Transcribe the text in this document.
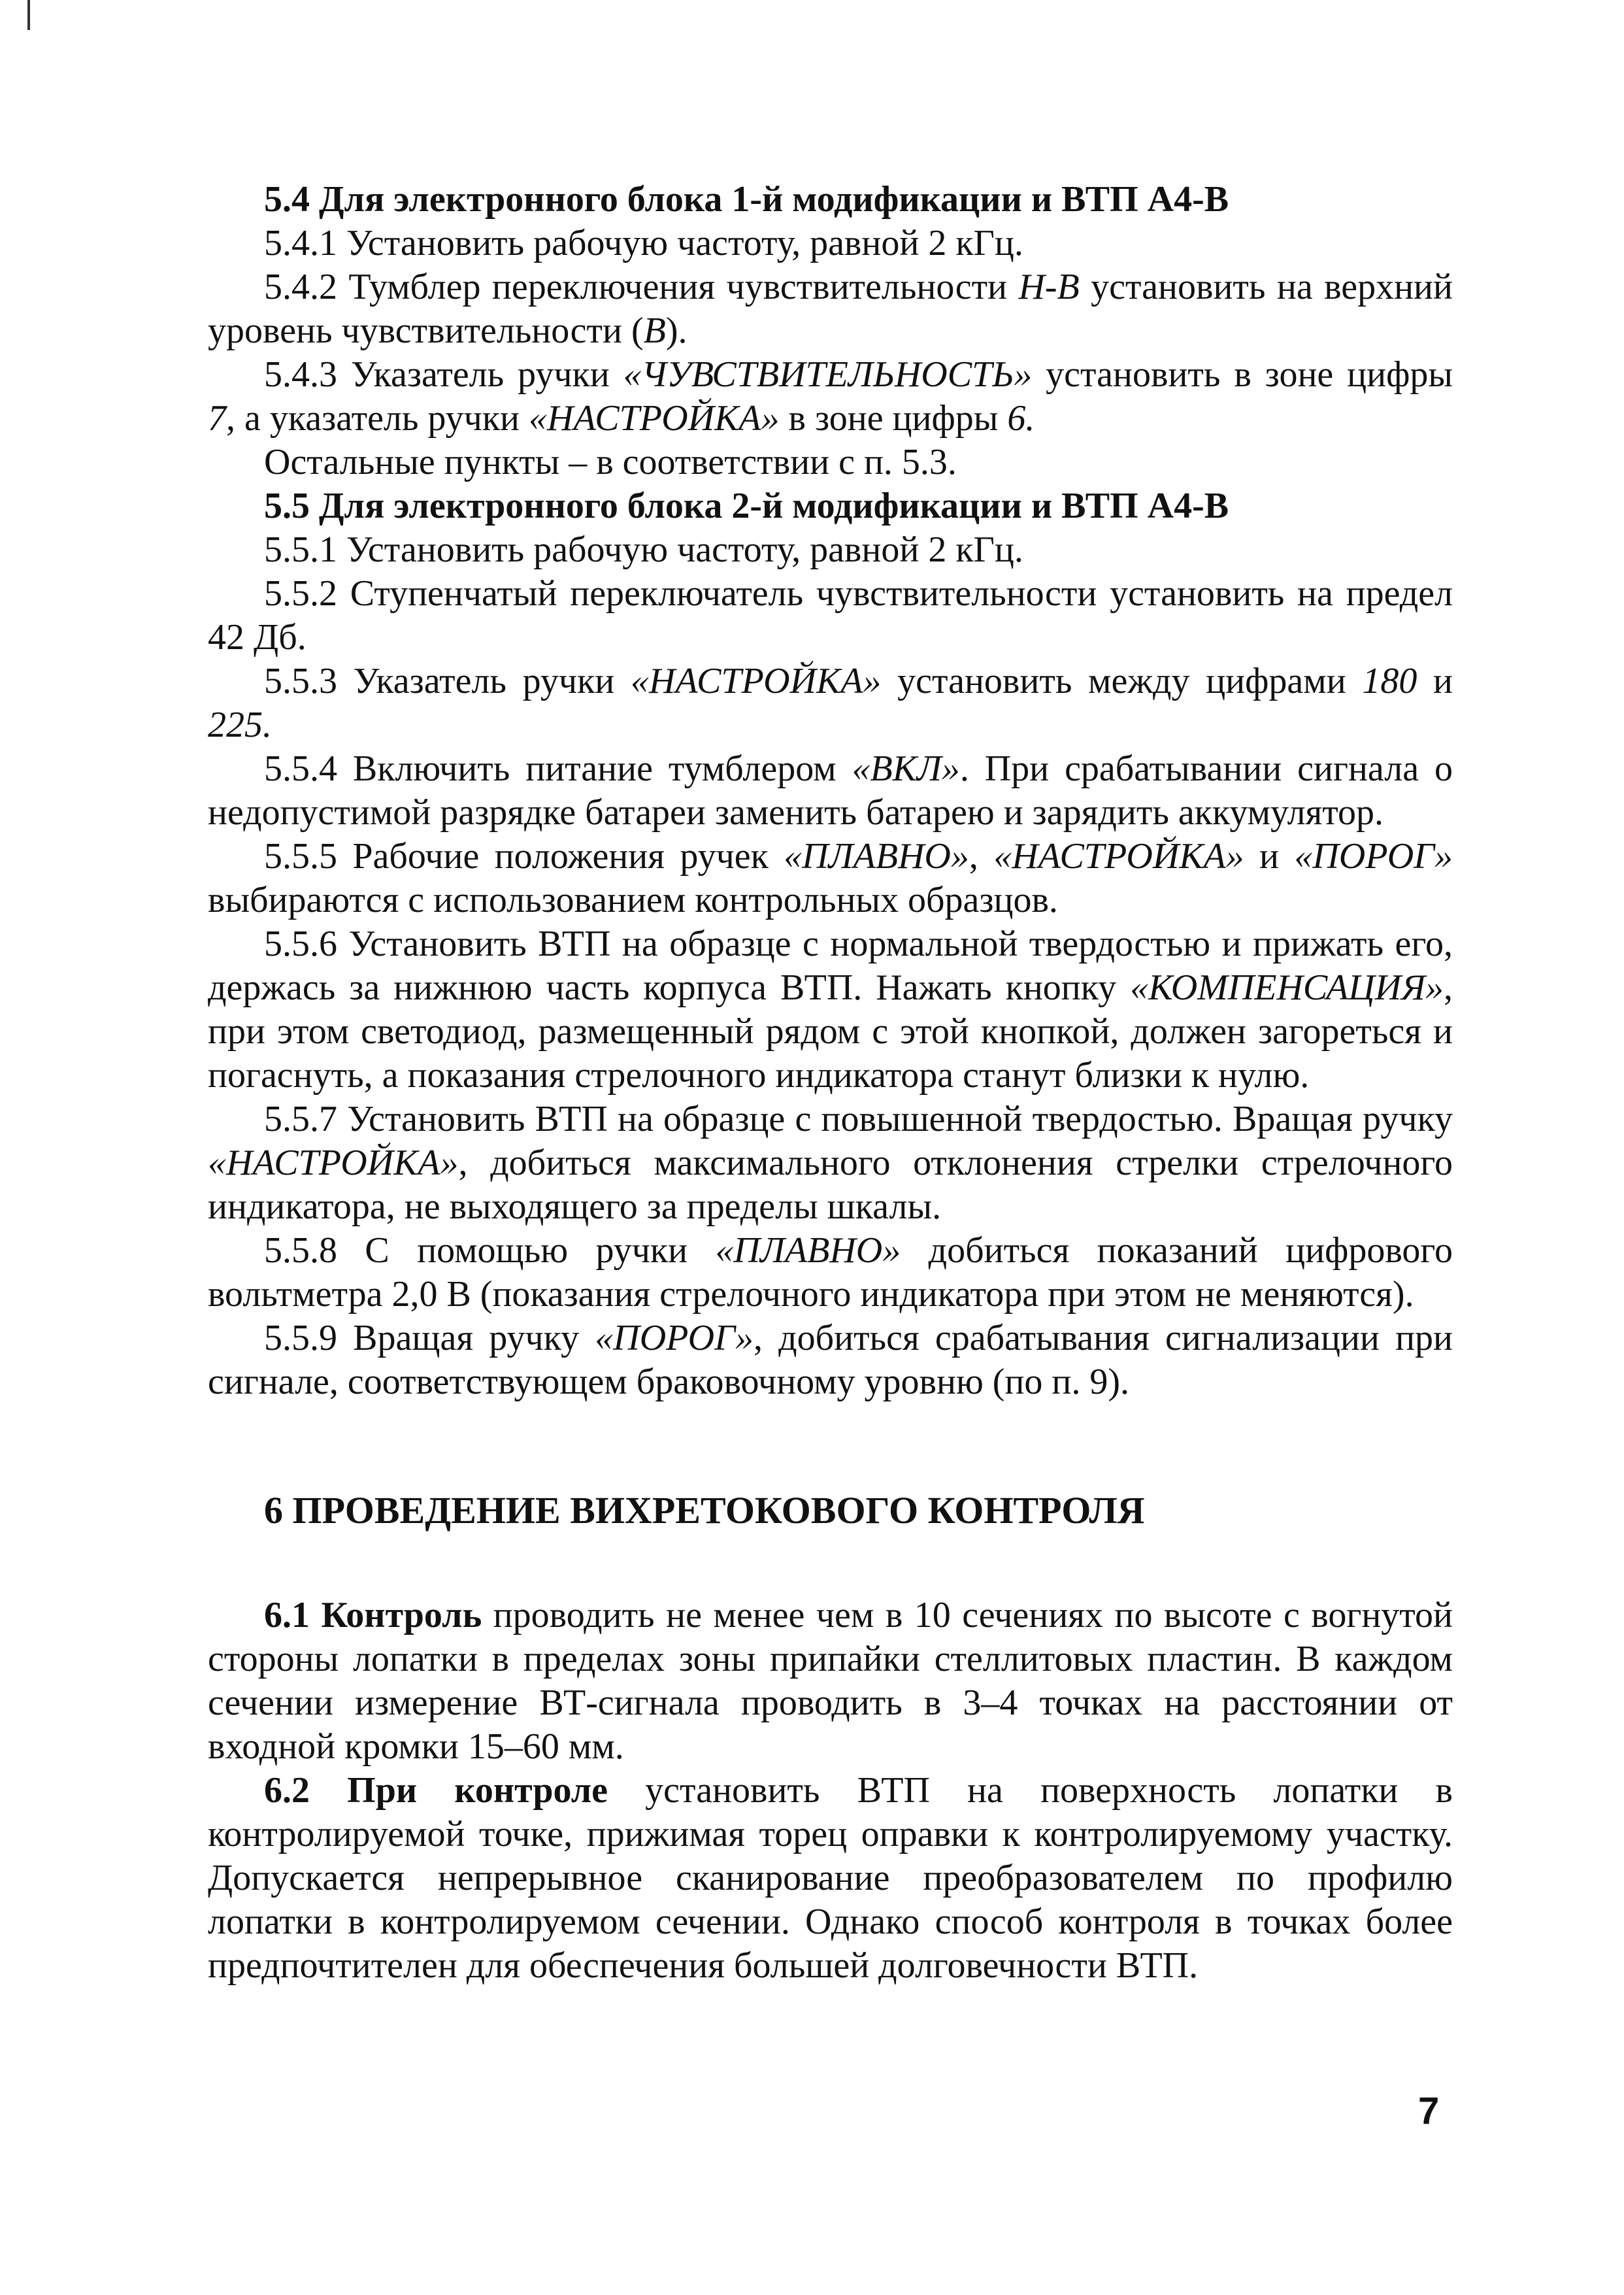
5.4 Для электронного блока 1-й модификации и ВТП А4-В

5.4.1 Установить рабочую частоту, равной 2 кГц.

5.4.2 Тумблер переключения чувствительности Н-В установить на верхний уровень чувствительности (В).

5.4.3 Указатель ручки «ЧУВСТВИТЕЛЬНОСТЬ» установить в зоне цифры 7, а указатель ручки «НАСТРОЙКА» в зоне цифры 6.

Остальные пункты – в соответствии с п. 5.3.

5.5 Для электронного блока 2-й модификации и ВТП А4-В

5.5.1 Установить рабочую частоту, равной 2 кГц.

5.5.2 Ступенчатый переключатель чувствительности установить на предел 42 Дб.

5.5.3 Указатель ручки «НАСТРОЙКА» установить между цифрами 180 и 225.

5.5.4 Включить питание тумблером «ВКЛ». При срабатывании сигнала о недопустимой разрядке батареи заменить батарею и зарядить аккумулятор.

5.5.5 Рабочие положения ручек «ПЛАВНО», «НАСТРОЙКА» и «ПОРОГ» выбираются с использованием контрольных образцов.

5.5.6 Установить ВТП на образце с нормальной твердостью и прижать его, держась за нижнюю часть корпуса ВТП. Нажать кнопку «КОМПЕНСАЦИЯ», при этом светодиод, размещенный рядом с этой кнопкой, должен загореться и погаснуть, а показания стрелочного индикатора станут близки к нулю.

5.5.7 Установить ВТП на образце с повышенной твердостью. Вращая ручку «НАСТРОЙКА», добиться максимального отклонения стрелки стрелочного индикатора, не выходящего за пределы шкалы.

5.5.8 С помощью ручки «ПЛАВНО» добиться показаний цифрового вольтметра 2,0 В (показания стрелочного индикатора при этом не меняются).

5.5.9 Вращая ручку «ПОРОГ», добиться срабатывания сигнализации при сигнале, соответствующем браковочному уровню (по п. 9).

6 ПРОВЕДЕНИЕ ВИХРЕТОКОВОГО КОНТРОЛЯ

6.1 Контроль проводить не менее чем в 10 сечениях по высоте с вогнутой стороны лопатки в пределах зоны припайки стеллитовых пластин. В каждом сечении измерение ВТ-сигнала проводить в 3–4 точках на расстоянии от входной кромки 15–60 мм.

6.2 При контроле установить ВТП на поверхность лопатки в контролируемой точке, прижимая торец оправки к контролируемому участку. Допускается непрерывное сканирование преобразователем по профилю лопатки в контролируемом сечении. Однако способ контроля в точках более предпочтителен для обеспечения большей долговечности ВТП.

7
